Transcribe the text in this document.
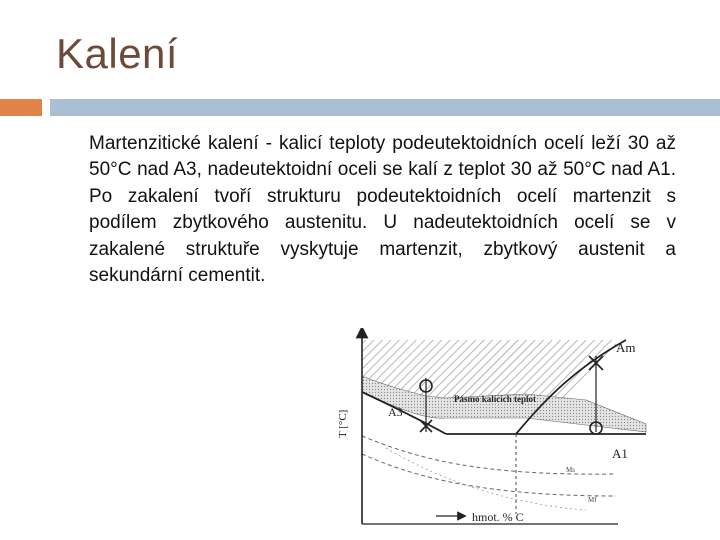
Kalení
Martenzitické kalení - kalicí teploty podeutektoidních ocelí leží 30 až 50°C nad A3, nadeutektoidní oceli se kalí z teplot 30 až 50°C nad A1. Po zakalení tvoří strukturu podeutektoidních ocelí martenzit s podílem zbytkového austenitu. U nadeutektoidních ocelí se v zakalené struktuře vyskytuje martenzit, zbytkový austenit a sekundární cementit.
Am
A3
A1
Pásmo kalících teplot
T [°C]
hmot. % C
Ms
Mf
